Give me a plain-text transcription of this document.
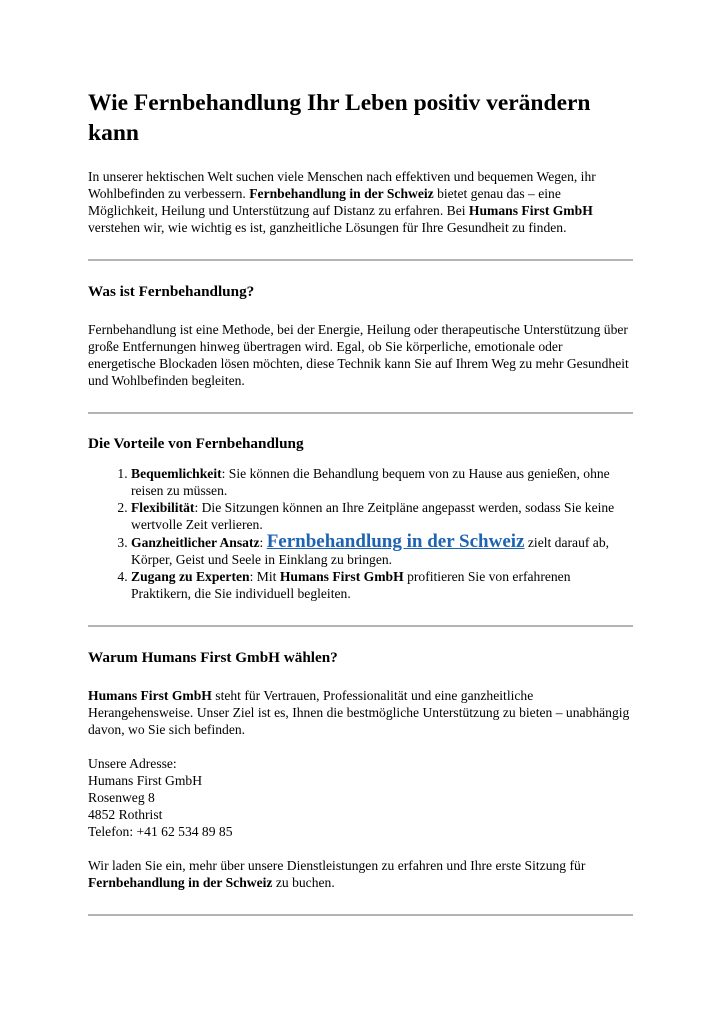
Wie Fernbehandlung Ihr Leben positiv verändern kann

In unserer hektischen Welt suchen viele Menschen nach effektiven und bequemen Wegen, ihr Wohlbefinden zu verbessern. Fernbehandlung in der Schweiz bietet genau das – eine Möglichkeit, Heilung und Unterstützung auf Distanz zu erfahren. Bei Humans First GmbH verstehen wir, wie wichtig es ist, ganzheitliche Lösungen für Ihre Gesundheit zu finden.

Was ist Fernbehandlung?

Fernbehandlung ist eine Methode, bei der Energie, Heilung oder therapeutische Unterstützung über große Entfernungen hinweg übertragen wird. Egal, ob Sie körperliche, emotionale oder energetische Blockaden lösen möchten, diese Technik kann Sie auf Ihrem Weg zu mehr Gesundheit und Wohlbefinden begleiten.

Die Vorteile von Fernbehandlung
1. Bequemlichkeit: Sie können die Behandlung bequem von zu Hause aus genießen, ohne reisen zu müssen.
2. Flexibilität: Die Sitzungen können an Ihre Zeitpläne angepasst werden, sodass Sie keine wertvolle Zeit verlieren.
3. Ganzheitlicher Ansatz: Fernbehandlung in der Schweiz zielt darauf ab, Körper, Geist und Seele in Einklang zu bringen.
4. Zugang zu Experten: Mit Humans First GmbH profitieren Sie von erfahrenen Praktikern, die Sie individuell begleiten.
Warum Humans First GmbH wählen?

Humans First GmbH steht für Vertrauen, Professionalität und eine ganzheitliche Herangehensweise. Unser Ziel ist es, Ihnen die bestmögliche Unterstützung zu bieten – unabhängig davon, wo Sie sich befinden.

Unsere Adresse:
Humans First GmbH
Rosenweg 8
4852 Rothrist
Telefon: +41 62 534 89 85

Wir laden Sie ein, mehr über unsere Dienstleistungen zu erfahren und Ihre erste Sitzung für Fernbehandlung in der Schweiz zu buchen.
